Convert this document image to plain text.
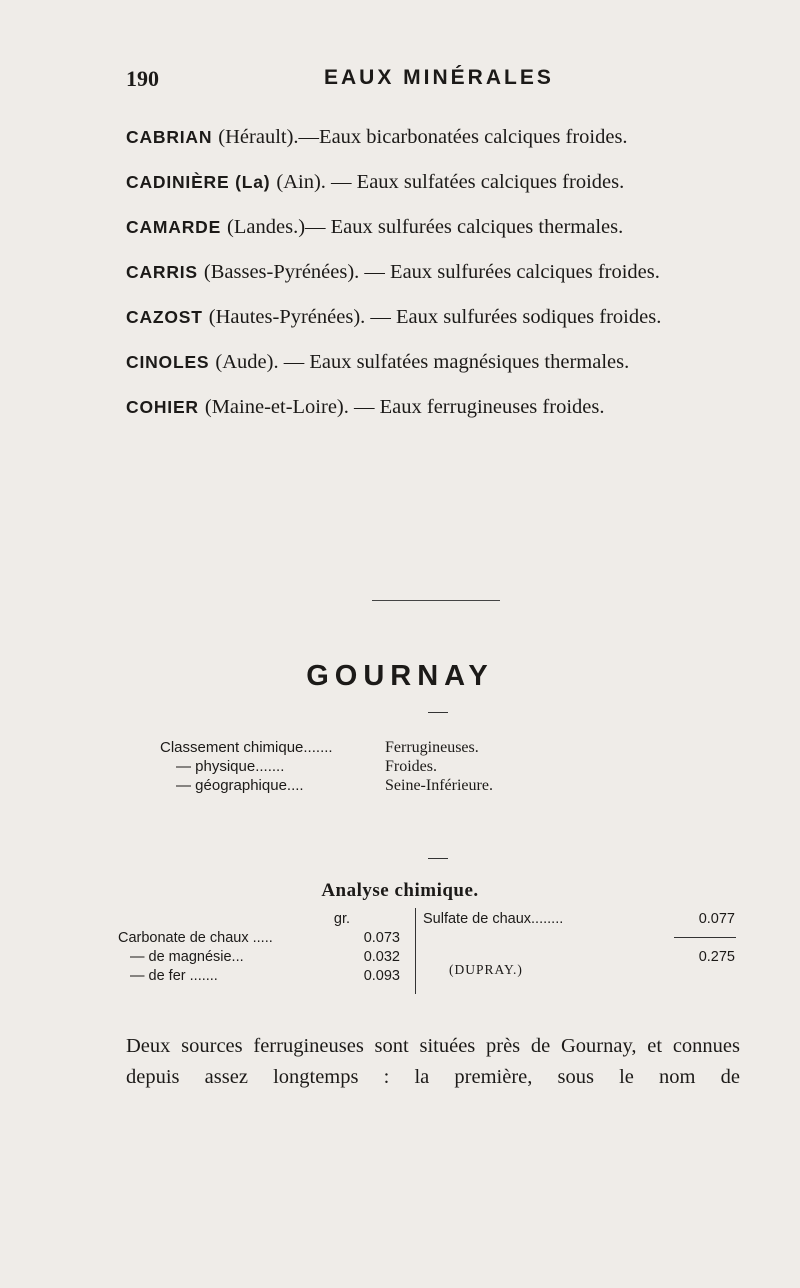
190	EAUX MINÉRALES

CABRIAN (Hérault).—Eaux bicarbonatées calciques froides.

CADINIÈRE (La) (Ain). — Eaux sulfatées calciques froides.

CAMARDE (Landes.)— Eaux sulfurées calciques thermales.

CARRIS (Basses-Pyrénées). — Eaux sulfurées calciques froides.

CAZOST (Hautes-Pyrénées). — Eaux sulfurées sodiques froides.

CINOLES (Aude). — Eaux sulfatées magnésiques thermales.

COHIER (Maine-et-Loire). — Eaux ferrugineuses froides.

GOURNAY
Classement chimique.......	Ferrugineuses.
— physique.......	Froides.
— géographique....	Seine-Inférieure.
Analyse chimique.
gr.
Carbonate de chaux .....	0.073
— de magnésie...	0.032
— de fer .......	0.093
Sulfate de chaux........	0.077
0.275
(DUPRAY.)

Deux sources ferrugineuses sont situées près de Gournay, et connues depuis assez longtemps : la première, sous le nom de
